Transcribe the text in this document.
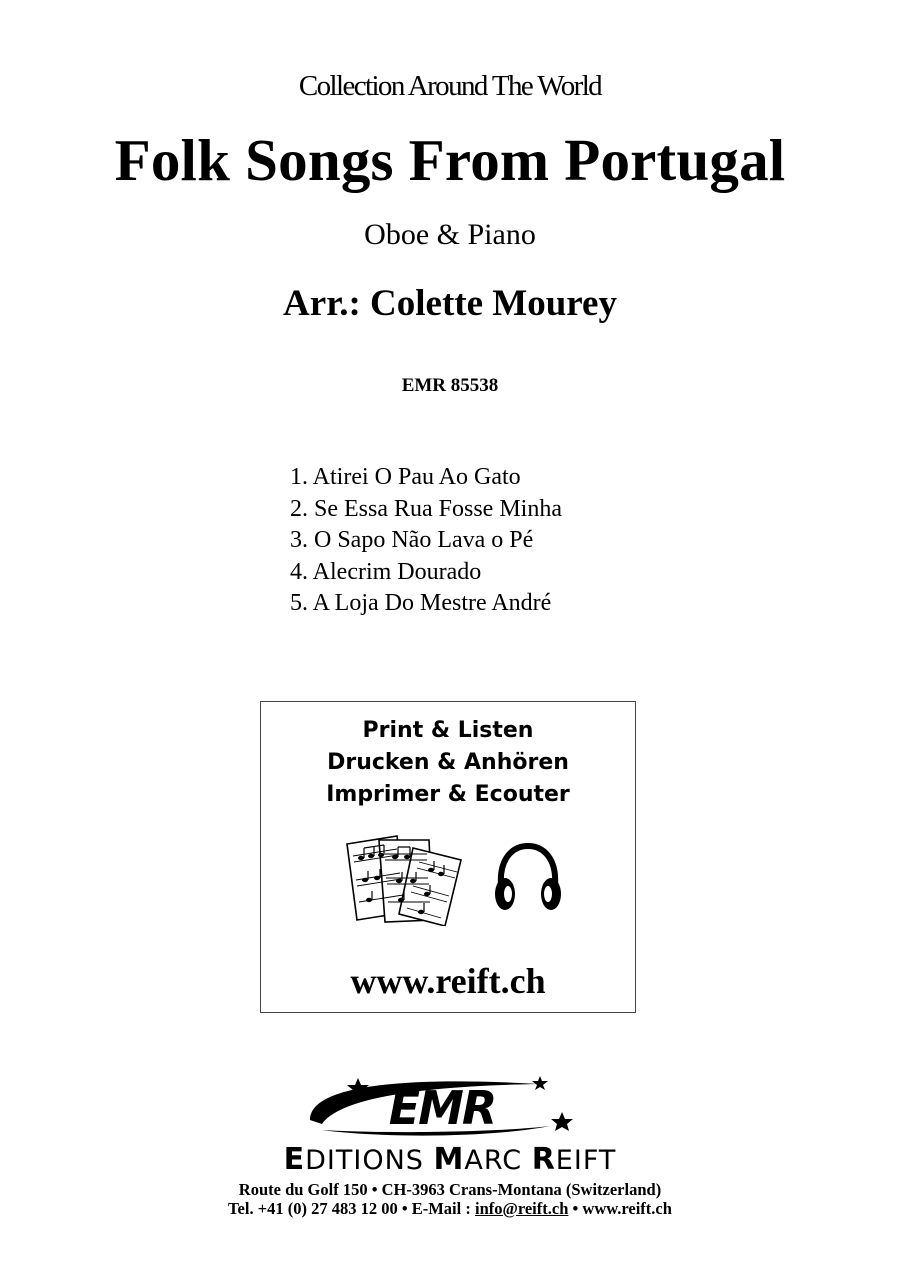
Collection Around The World
Folk Songs From Portugal
Oboe & Piano
Arr.: Colette Mourey
EMR 85538
1. Atirei O Pau Ao Gato
2. Se Essa Rua Fosse Minha
3. O Sapo Não Lava o Pé
4. Alecrim Dourado
5. A Loja Do Mestre André
Print & Listen
Drucken & Anhören
Imprimer & Ecouter
www.reift.ch
EMR
EDITIONS MARC REIFT
Route du Golf 150 • CH-3963 Crans-Montana (Switzerland)
Tel. +41 (0) 27 483 12 00 • E-Mail : info@reift.ch • www.reift.ch
